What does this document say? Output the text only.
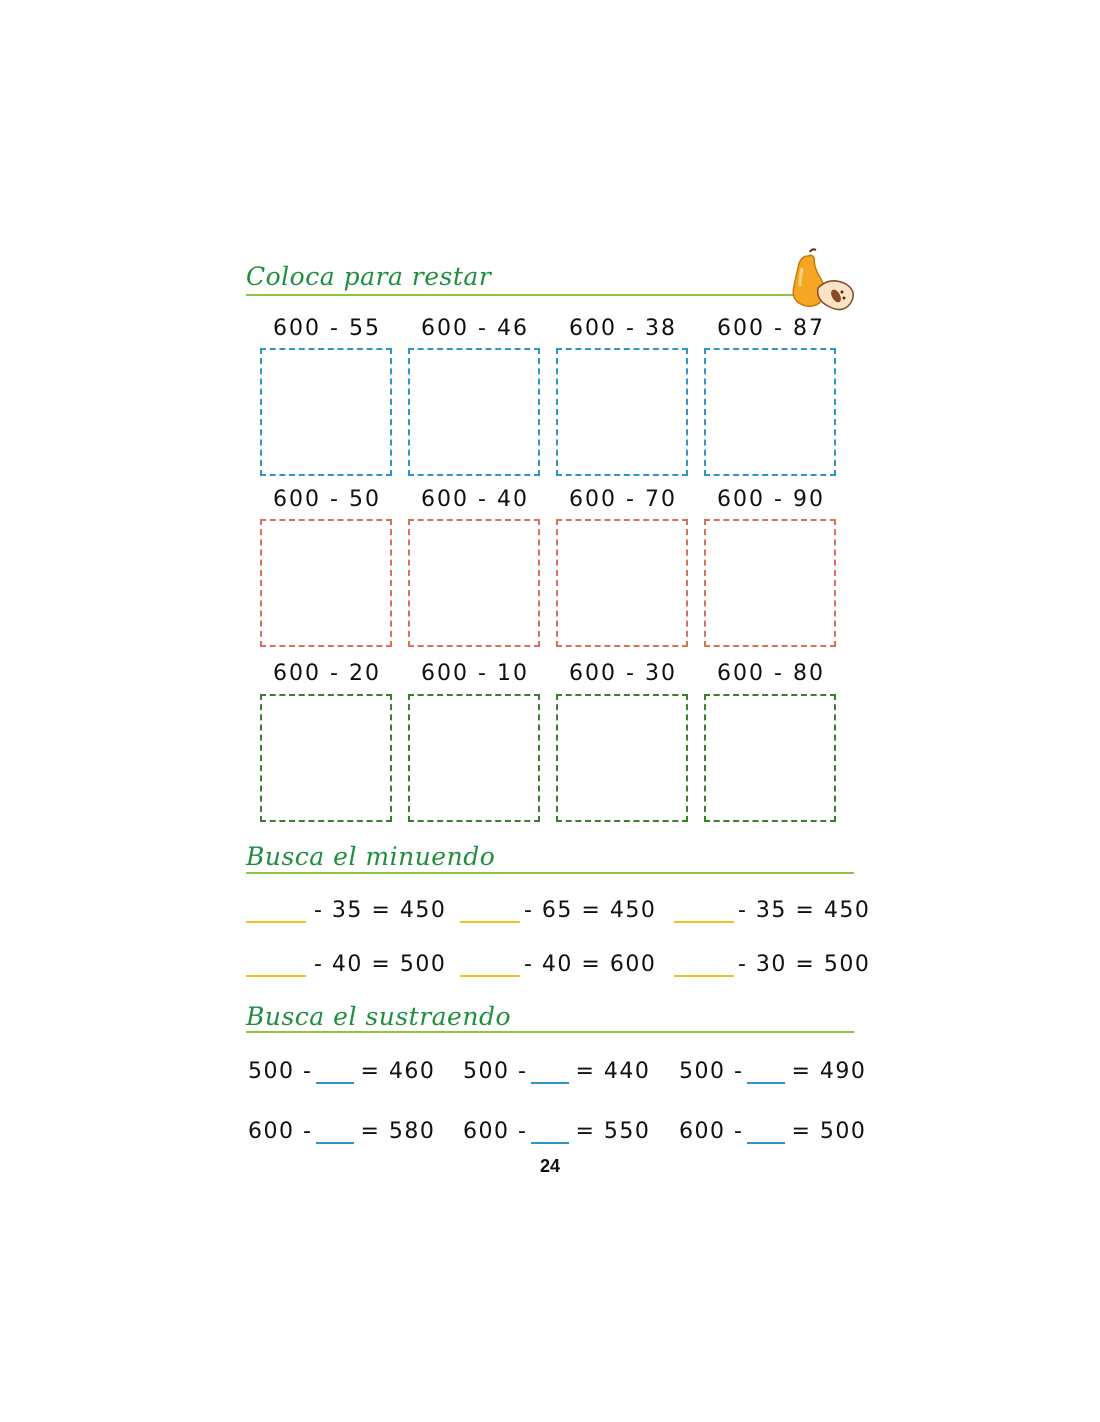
Coloca para restar
600 - 55	600 - 46	600 - 38	600 - 87
600 - 50	600 - 40	600 - 70	600 - 90
600 - 20	600 - 10	600 - 30	600 - 80
Busca el minuendo
- 35 = 450	- 65 = 450	- 35 = 450
- 40 = 500	- 40 = 600	- 30 = 500
Busca el sustraendo
500 - = 460 500 - = 440 500 - = 490
600 - = 580 600 - = 550 600 - = 500
24
